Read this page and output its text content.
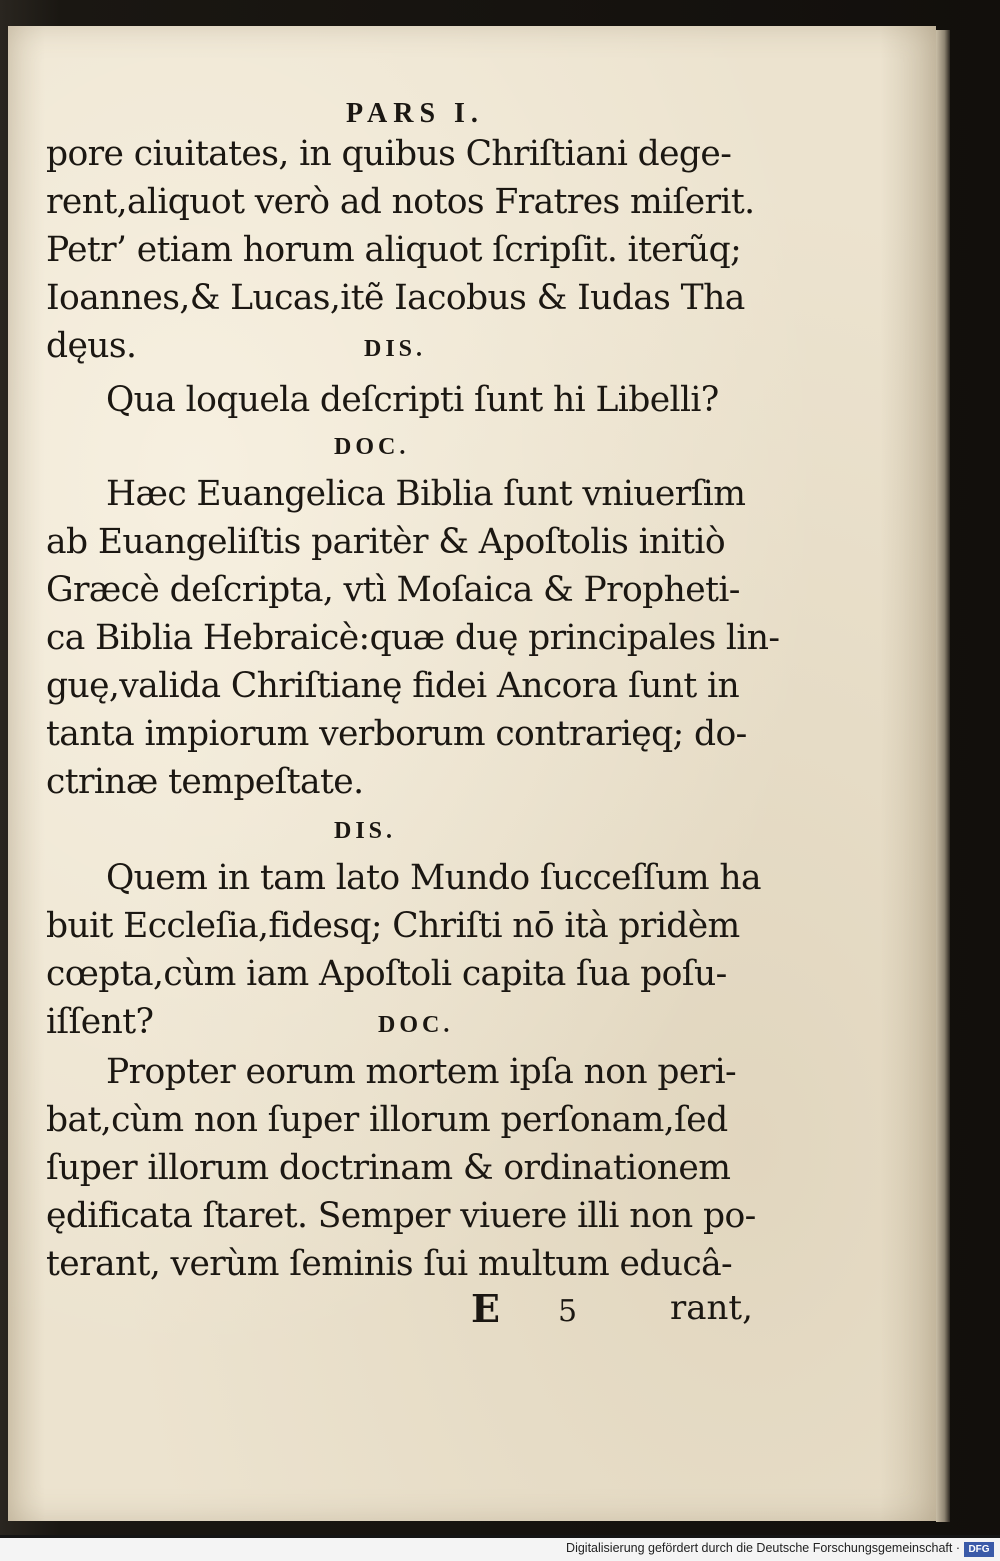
PARS I.
pore ciuitates, in quibus Chriſtiani dege-
rent,aliquot verò ad notos Fratres miſerit.
Petr’ etiam horum aliquot ſcripſit. iterũq;
Ioannes,& Lucas,itẽ Iacobus & Iudas Tha
dęus.	DIS.
Qua loquela deſcripti ſunt hi Libelli?
DOC.
Hæc Euangelica Biblia ſunt vniuerſim
ab Euangeliſtis paritèr & Apoſtolis initiò
Græcè deſcripta, vtì Moſaica & Propheti-
ca Biblia Hebraicè:quæ duę principales lin-
guę,valida Chriſtianę fidei Ancora ſunt in
tanta impiorum verborum contrarięq; do-
ctrinæ tempeſtate.
DIS.
Quem in tam lato Mundo ſucceſſum ha
buit Eccleſia,fidesq; Chriſti nō ità pridèm
cœpta,cùm iam Apoſtoli capita ſua poſu-
iſſent?	DOC.
Propter eorum mortem ipſa non peri-
bat,cùm non ſuper illorum perſonam,ſed
ſuper illorum doctrinam & ordinationem
ędificata ſtaret. Semper viuere illi non po-
terant, verùm ſeminis ſui multum educâ-
E 5	rant,
Digitalisierung gefördert durch die Deutsche Forschungsgemeinschaft · DFG
